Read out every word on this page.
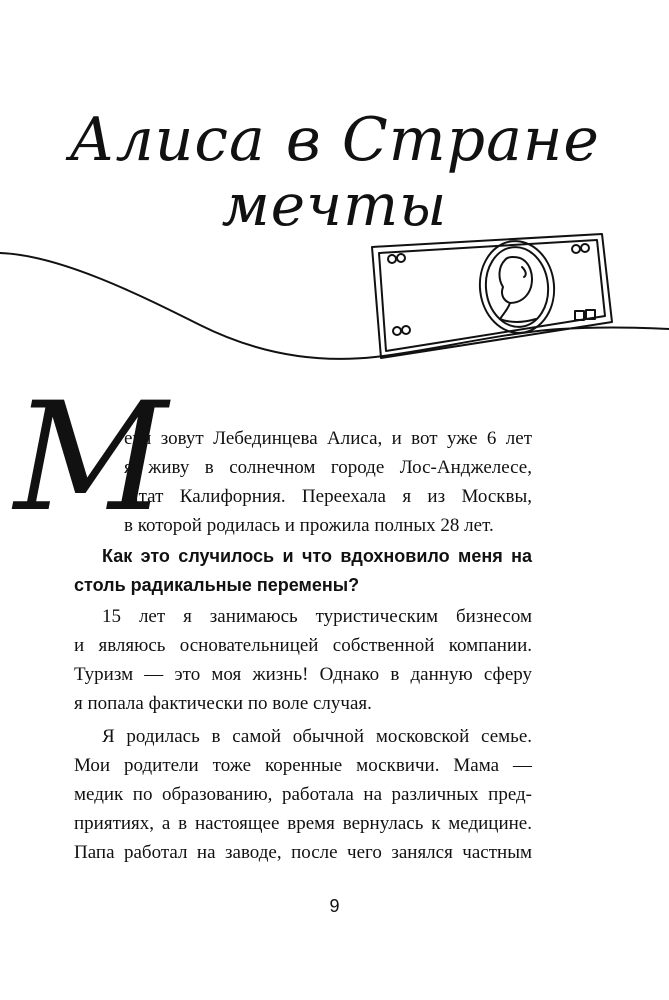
Алиса в Стране
мечты
М
еня зовут Лебединцева Алиса, и вот уже 6 лет
я живу в солнечном городе Лос-Анджелесе,
штат Калифорния. Переехала я из Москвы,
в которой родилась и прожила полных 28 лет.
Как это случилось и что вдохновило меня на
столь радикальные перемены?
15 лет я занимаюсь туристическим бизнесом
и являюсь основательницей собственной компании.
Туризм — это моя жизнь! Однако в данную сферу
я попала фактически по воле случая.
Я родилась в самой обычной московской семье.
Мои родители тоже коренные москвичи. Мама —
медик по образованию, работала на различных пред-
приятиях, а в настоящее время вернулась к медицине.
Папа работал на заводе, после чего занялся частным
9
